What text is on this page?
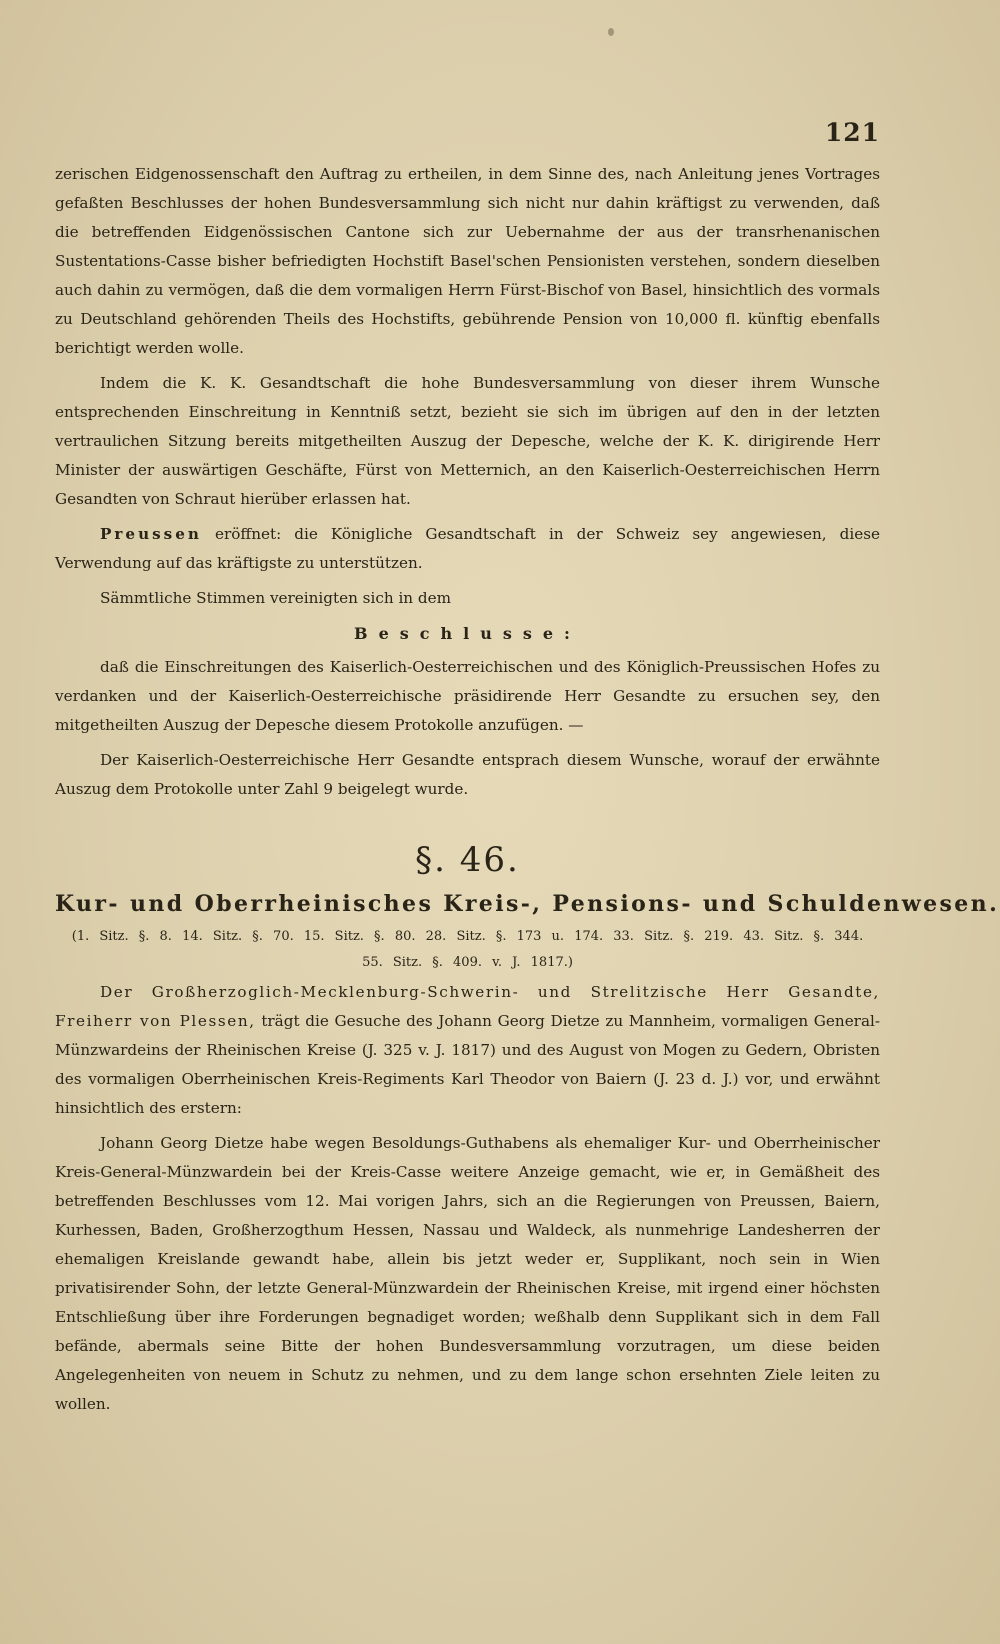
121

zerischen Eidgenossenschaft den Auftrag zu ertheilen, in dem Sinne des, nach Anleitung jenes Vortrages gefaßten Beschlusses der hohen Bundesversammlung sich nicht nur dahin kräftigst zu verwenden, daß die betreffenden Eidgenössischen Cantone sich zur Uebernahme der aus der transrhenanischen Sustentations-Casse bisher befriedigten Hochstift Basel'schen Pensionisten verstehen, sondern dieselben auch dahin zu vermögen, daß die dem vormaligen Herrn Fürst-Bischof von Basel, hinsichtlich des vormals zu Deutschland gehörenden Theils des Hochstifts, gebührende Pension von 10,000 fl. künftig ebenfalls berichtigt werden wolle.

Indem die K. K. Gesandtschaft die hohe Bundesversammlung von dieser ihrem Wunsche entsprechenden Einschreitung in Kenntniß setzt, bezieht sie sich im übrigen auf den in der letzten vertraulichen Sitzung bereits mitgetheilten Auszug der Depesche, welche der K. K. dirigirende Herr Minister der auswärtigen Geschäfte, Fürst von Metternich, an den Kaiserlich-Oesterreichischen Herrn Gesandten von Schraut hierüber erlassen hat.

Preussen eröffnet: die Königliche Gesandtschaft in der Schweiz sey angewiesen, diese Verwendung auf das kräftigste zu unterstützen.

Sämmtliche Stimmen vereinigten sich in dem

Beschlusse:

daß die Einschreitungen des Kaiserlich-Oesterreichischen und des Königlich-Preussischen Hofes zu verdanken und der Kaiserlich-Oesterreichische präsidirende Herr Gesandte zu ersuchen sey, den mitgetheilten Auszug der Depesche diesem Protokolle anzufügen. —

Der Kaiserlich-Oesterreichische Herr Gesandte entsprach diesem Wunsche, worauf der erwähnte Auszug dem Protokolle unter Zahl 9 beigelegt wurde.

§. 46.
Kur- und Oberrheinisches Kreis-, Pensions- und Schuldenwesen.
(1. Sitz. §. 8. 14. Sitz. §. 70. 15. Sitz. §. 80. 28. Sitz. §. 173 u. 174. 33. Sitz. §. 219. 43. Sitz. §. 344.
55. Sitz. §. 409. v. J. 1817.)

Der Großherzoglich-Mecklenburg-Schwerin- und Strelitzische Herr Gesandte, Freiherr von Plessen, trägt die Gesuche des Johann Georg Dietze zu Mannheim, vormaligen General-Münzwardeins der Rheinischen Kreise (J. 325 v. J. 1817) und des August von Mogen zu Gedern, Obristen des vormaligen Oberrheinischen Kreis-Regiments Karl Theodor von Baiern (J. 23 d. J.) vor, und erwähnt hinsichtlich des erstern:

Johann Georg Dietze habe wegen Besoldungs-Guthabens als ehemaliger Kur- und Oberrheinischer Kreis-General-Münzwardein bei der Kreis-Casse weitere Anzeige gemacht, wie er, in Gemäßheit des betreffenden Beschlusses vom 12. Mai vorigen Jahrs, sich an die Regierungen von Preussen, Baiern, Kurhessen, Baden, Großherzogthum Hessen, Nassau und Waldeck, als nunmehrige Landesherren der ehemaligen Kreislande gewandt habe, allein bis jetzt weder er, Supplikant, noch sein in Wien privatisirender Sohn, der letzte General-Münzwardein der Rheinischen Kreise, mit irgend einer höchsten Entschließung über ihre Forderungen begnadiget worden; weßhalb denn Supplikant sich in dem Fall befände, abermals seine Bitte der hohen Bundesversammlung vorzutragen, um diese beiden Angelegenheiten von neuem in Schutz zu nehmen, und zu dem lange schon ersehnten Ziele leiten zu wollen.
